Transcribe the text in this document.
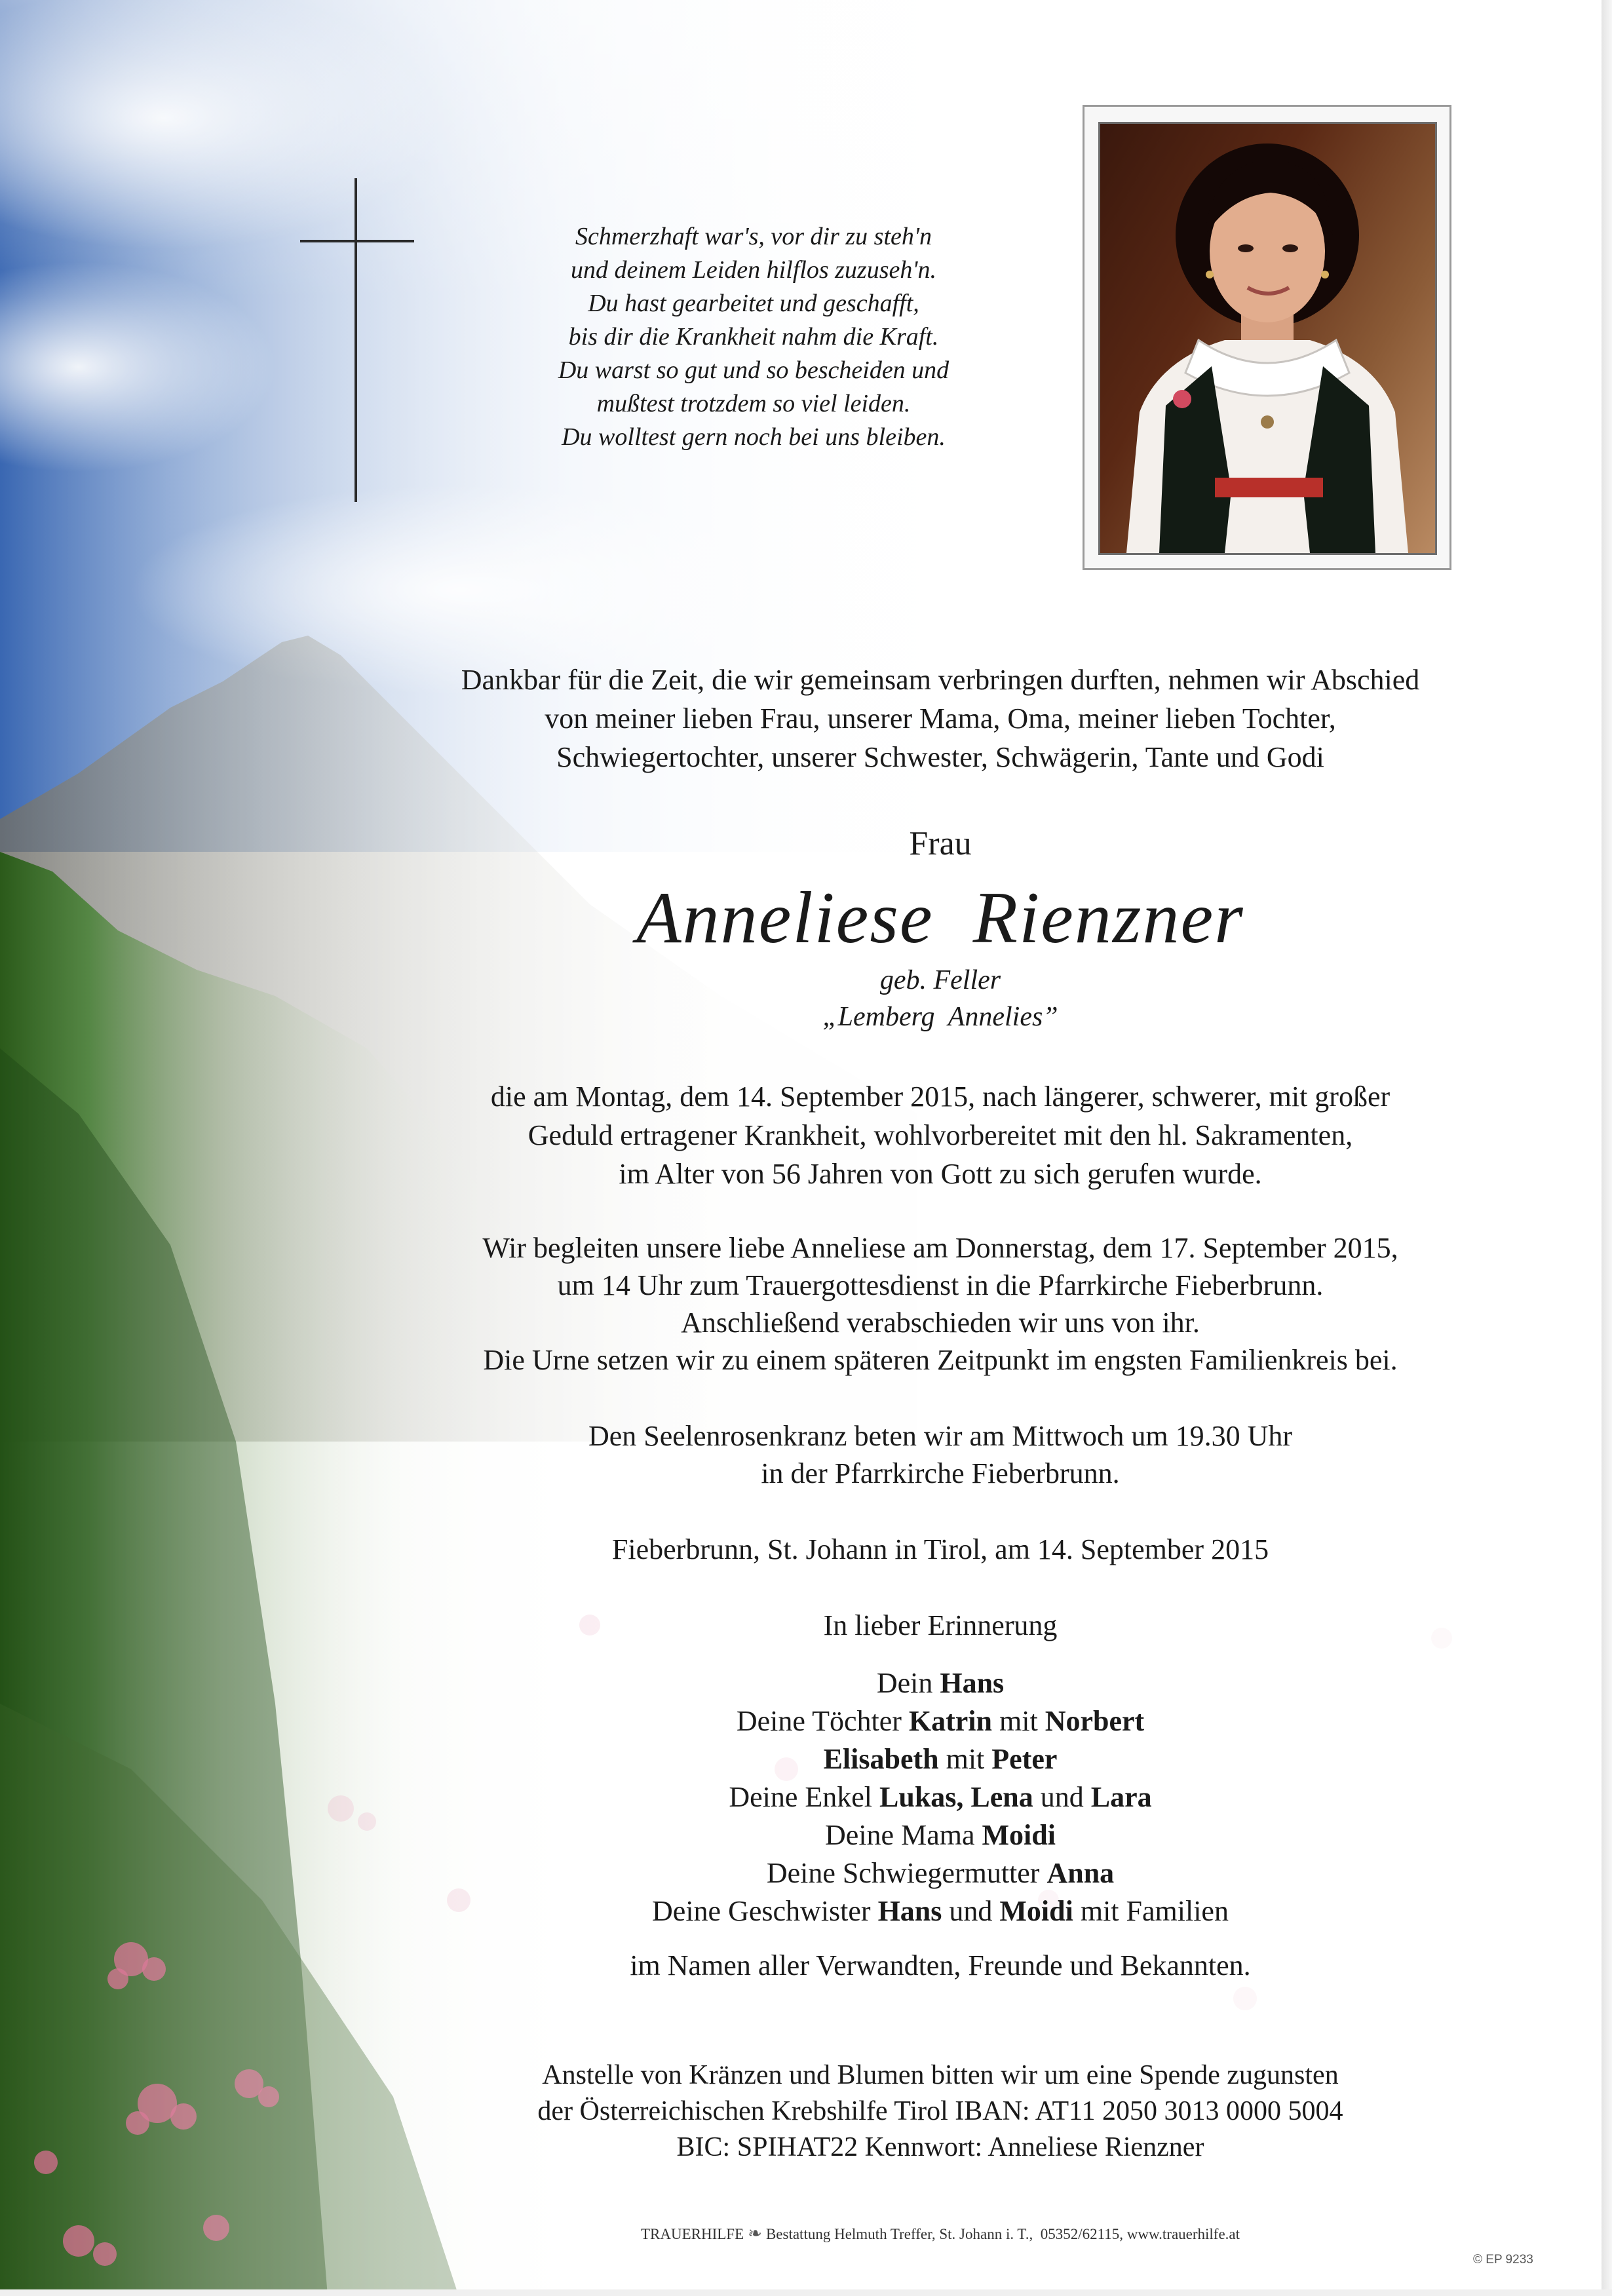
Schmerzhaft war's, vor dir zu steh'n
und deinem Leiden hilflos zuzuseh'n.
Du hast gearbeitet und geschafft,
bis dir die Krankheit nahm die Kraft.
Du warst so gut und so bescheiden und
mußtest trotzdem so viel leiden.
Du wolltest gern noch bei uns bleiben.
Dankbar für die Zeit, die wir gemeinsam verbringen durften, nehmen wir Abschied
von meiner lieben Frau, unserer Mama, Oma, meiner lieben Tochter,
Schwiegertochter, unserer Schwester, Schwägerin, Tante und Godi
Frau
Anneliese  Rienzner
geb. Feller
„Lemberg  Annelies”
die am Montag, dem 14. September 2015, nach längerer, schwerer, mit großer
Geduld ertragener Krankheit, wohlvorbereitet mit den hl. Sakramenten,
im Alter von 56 Jahren von Gott zu sich gerufen wurde.
Wir begleiten unsere liebe Anneliese am Donnerstag, dem 17. September 2015,
um 14 Uhr zum Trauergottesdienst in die Pfarrkirche Fieberbrunn.
Anschließend verabschieden wir uns von ihr.
Die Urne setzen wir zu einem späteren Zeitpunkt im engsten Familienkreis bei.
Den Seelenrosenkranz beten wir am Mittwoch um 19.30 Uhr
in der Pfarrkirche Fieberbrunn.
Fieberbrunn, St. Johann in Tirol, am 14. September 2015
In lieber Erinnerung
Dein Hans
Deine Töchter Katrin mit Norbert
Elisabeth mit Peter
Deine Enkel Lukas, Lena und Lara
Deine Mama Moidi
Deine Schwiegermutter Anna
Deine Geschwister Hans und Moidi mit Familien
im Namen aller Verwandten, Freunde und Bekannten.
Anstelle von Kränzen und Blumen bitten wir um eine Spende zugunsten
der Österreichischen Krebshilfe Tirol IBAN: AT11 2050 3013 0000 5004
BIC: SPIHAT22 Kennwort: Anneliese Rienzner
TRAUERHILFE ❧ Bestattung Helmuth Treffer, St. Johann i. T.,  05352/62115, www.trauerhilfe.at
© EP 9233
